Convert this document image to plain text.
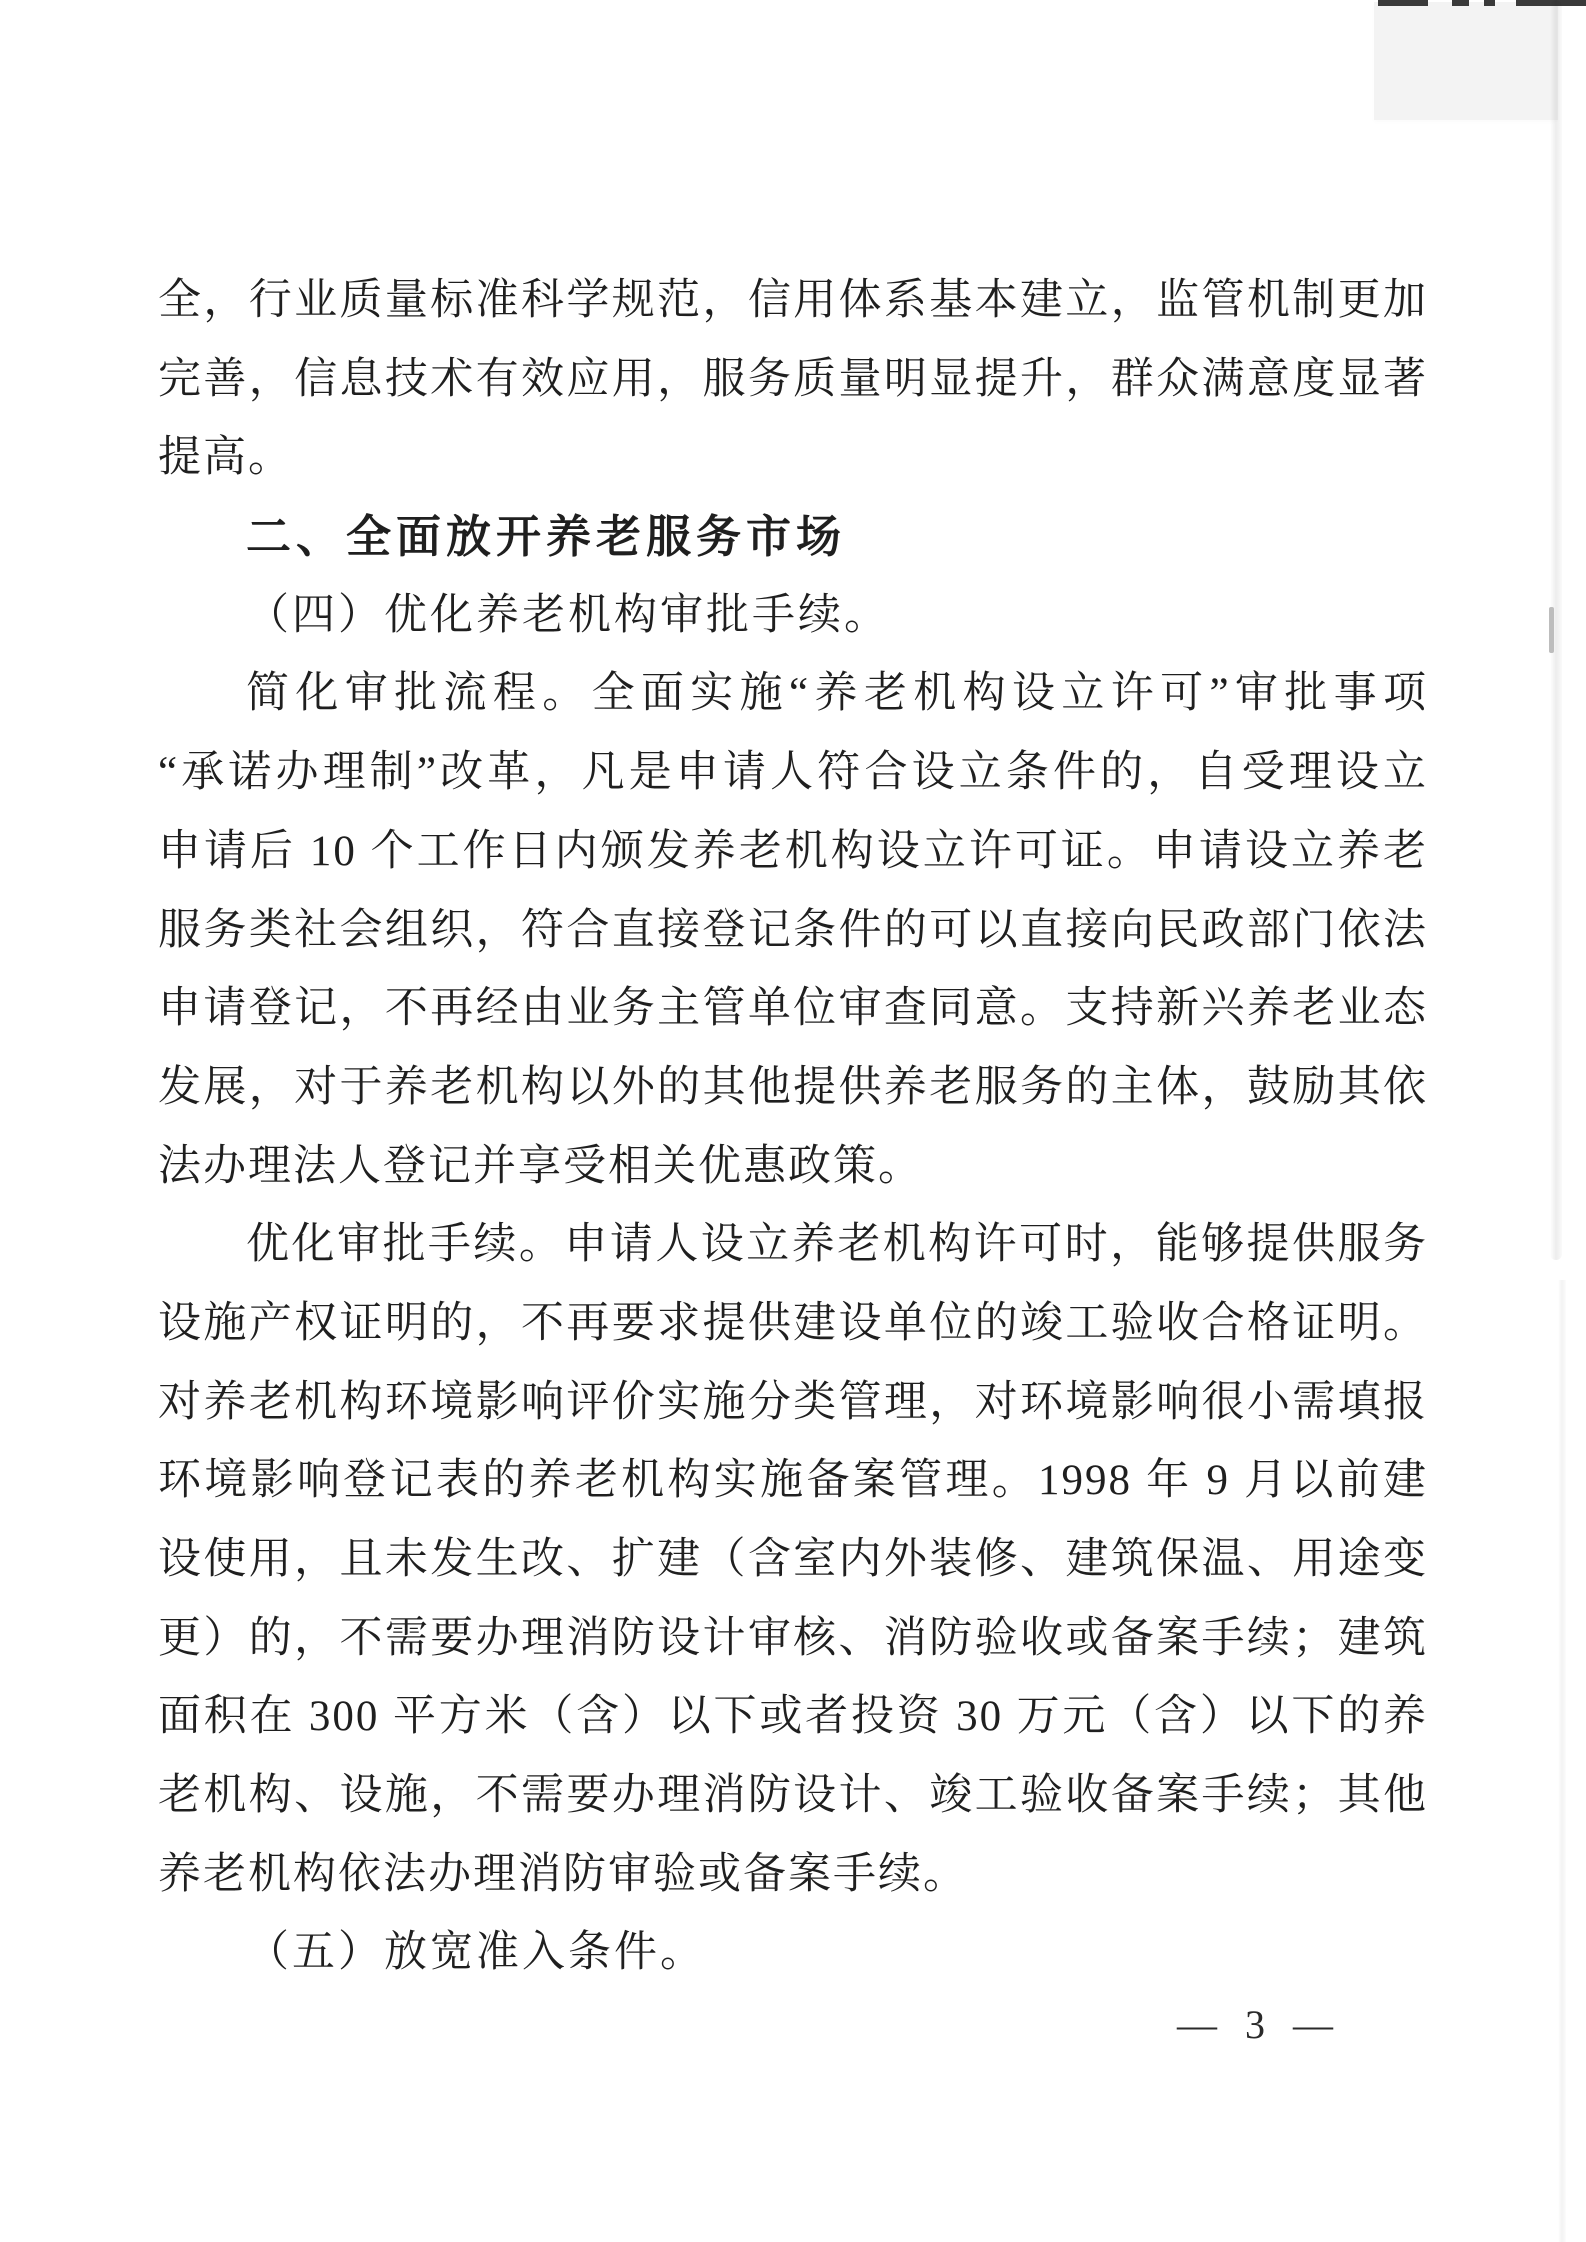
全，行业质量标准科学规范，信用体系基本建立，监管机制更加
完善，信息技术有效应用，服务质量明显提升，群众满意度显著
提高。
二、全面放开养老服务市场
（四）优化养老机构审批手续。
简化审批流程。全面实施“养老机构设立许可”审批事项
“承诺办理制”改革，凡是申请人符合设立条件的，自受理设立
申请后 10 个工作日内颁发养老机构设立许可证。申请设立养老
服务类社会组织，符合直接登记条件的可以直接向民政部门依法
申请登记，不再经由业务主管单位审查同意。支持新兴养老业态
发展，对于养老机构以外的其他提供养老服务的主体，鼓励其依
法办理法人登记并享受相关优惠政策。
优化审批手续。申请人设立养老机构许可时，能够提供服务
设施产权证明的，不再要求提供建设单位的竣工验收合格证明。
对养老机构环境影响评价实施分类管理，对环境影响很小需填报
环境影响登记表的养老机构实施备案管理。1998 年 9 月以前建
设使用，且未发生改、扩建（含室内外装修、建筑保温、用途变
更）的，不需要办理消防设计审核、消防验收或备案手续；建筑
面积在 300 平方米（含）以下或者投资 30 万元（含）以下的养
老机构、设施，不需要办理消防设计、竣工验收备案手续；其他
养老机构依法办理消防审验或备案手续。
（五）放宽准入条件。
— 3 —
